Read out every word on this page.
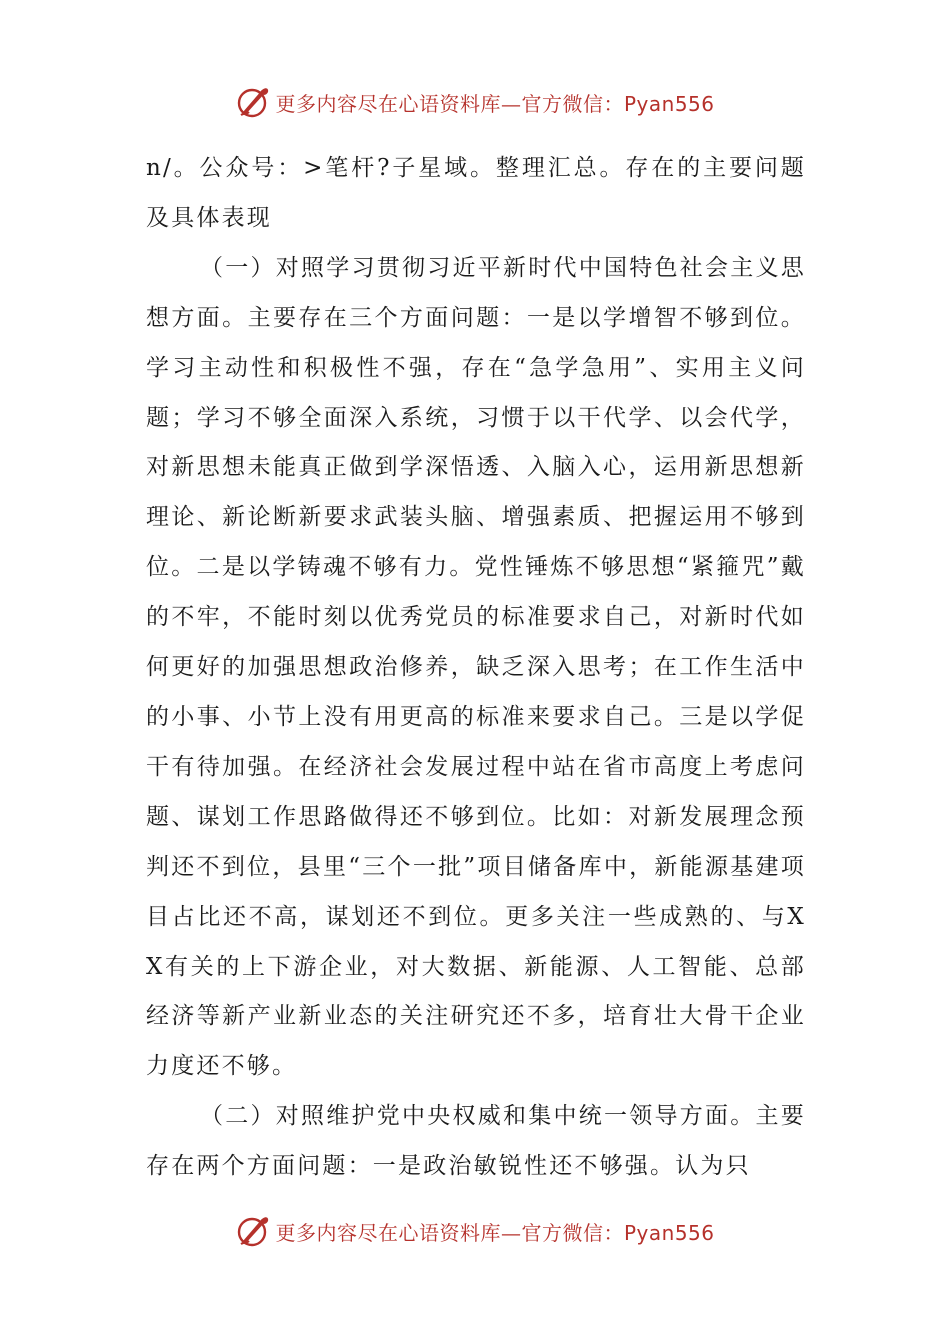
更多内容尽在心语资料库—官方微信：Pyan556

n/。公众号：>笔杆?子星域。整理汇总。存在的主要问题及具体表现

（一）对照学习贯彻习近平新时代中国特色社会主义思想方面。主要存在三个方面问题：一是以学增智不够到位。学习主动性和积极性不强，存在“急学急用”、实用主义问题；学习不够全面深入系统，习惯于以干代学、以会代学，对新思想未能真正做到学深悟透、入脑入心，运用新思想新理论、新论断新要求武装头脑、增强素质、把握运用不够到位。二是以学铸魂不够有力。党性锤炼不够思想“紧箍咒”戴的不牢，不能时刻以优秀党员的标准要求自己，对新时代如何更好的加强思想政治修养，缺乏深入思考；在工作生活中的小事、小节上没有用更高的标准来要求自己。三是以学促干有待加强。在经济社会发展过程中站在省市高度上考虑问题、谋划工作思路做得还不够到位。比如：对新发展理念预判还不到位，县里“三个一批”项目储备库中，新能源基建项目占比还不高，谋划还不到位。更多关注一些成熟的、与XX有关的上下游企业，对大数据、新能源、人工智能、总部经济等新产业新业态的关注研究还不多，培育壮大骨干企业力度还不够。

（二）对照维护党中央权威和集中统一领导方面。主要存在两个方面问题：一是政治敏锐性还不够强。认为只

更多内容尽在心语资料库—官方微信：Pyan556
